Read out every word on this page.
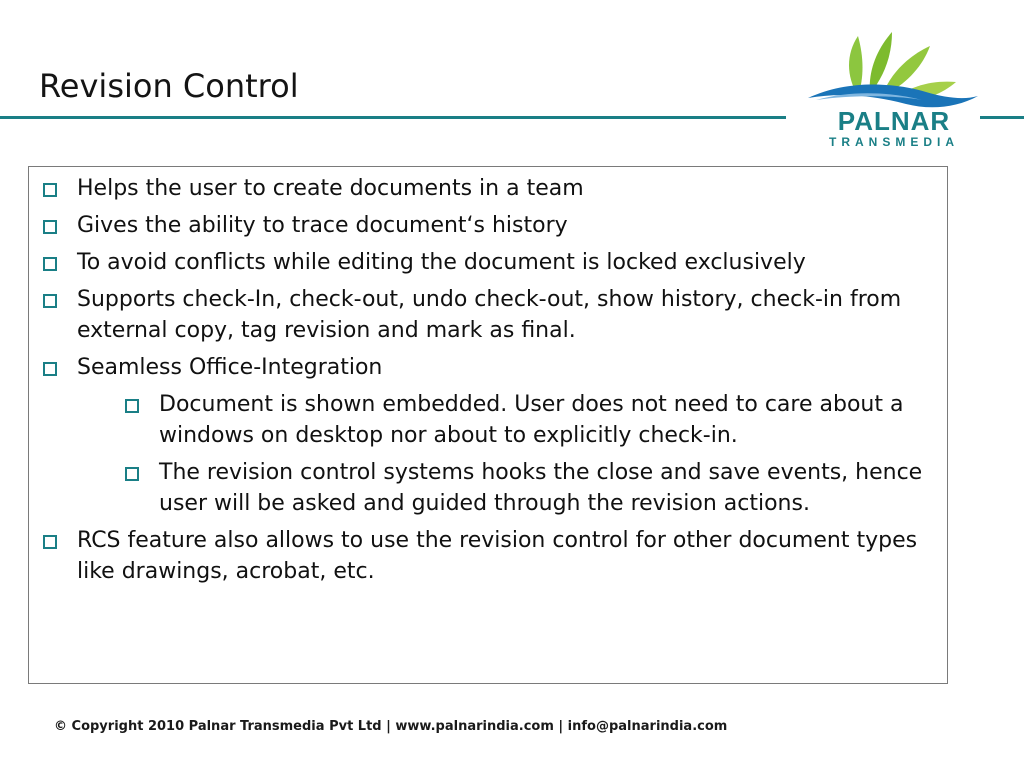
Revision Control
PALNAR
TRANSMEDIA
Helps the user to create documents in a team
Gives the ability to trace document‘s history
To avoid conflicts while editing the document is locked exclusively
Supports check-In, check-out, undo check-out, show history, check-in from external copy, tag revision and mark as final.
Seamless Office-Integration
Document is shown embedded. User does not need to care about a windows on desktop nor about to explicitly check-in.
The revision control systems hooks the close and save events, hence user will be asked and guided through the revision actions.
RCS feature also allows to use the revision control for other document types like drawings, acrobat, etc.
© Copyright 2010 Palnar Transmedia Pvt Ltd | www.palnarindia.com | info@palnarindia.com
